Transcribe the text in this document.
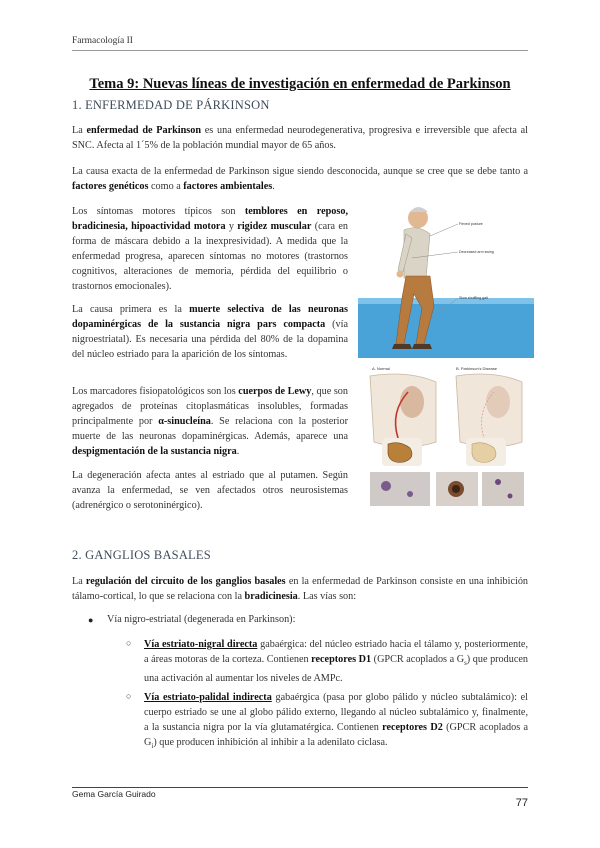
Farmacología II
Tema 9: Nuevas líneas de investigación en enfermedad de Parkinson
1. ENFERMEDAD DE PÁRKINSON
La enfermedad de Parkinson es una enfermedad neurodegenerativa, progresiva e irreversible que afecta al SNC. Afecta al 1´5% de la población mundial mayor de 65 años.
La causa exacta de la enfermedad de Parkinson sigue siendo desconocida, aunque se cree que se debe tanto a factores genéticos como a factores ambientales.
Los síntomas motores típicos son temblores en reposo, bradicinesia, hipoactividad motora y rigidez muscular (cara en forma de máscara debido a la inexpresividad). A medida que la enfermedad progresa, aparecen síntomas no motores (trastornos cognitivos, alteraciones de memoria, pérdida del equilibrio o trastornos emocionales).
La causa primera es la muerte selectiva de las neuronas dopaminérgicas de la sustancia nigra pars compacta (vía nigroestriatal). Es necesaria una pérdida del 80% de la dopamina del núcleo estriado para la aparición de los síntomas.
Los marcadores fisiopatológicos son los cuerpos de Lewy, que son agregados de proteínas citoplasmáticas insolubles, formadas principalmente por α-sinucleína. Se relaciona con la posterior muerte de las neuronas dopaminérgicas. Además, aparece una despigmentación de la sustancia nigra.
La degeneración afecta antes al estriado que al putamen. Según avanza la enfermedad, se ven afectados otros neurosistemas (adrenérgico o serotoninérgico).
Flexed posture
Decreased arm swing
Slow shuffling gait
A. Normal	B. Parkinson's Disease
2. GANGLIOS BASALES
La regulación del circuito de los ganglios basales en la enfermedad de Parkinson consiste en una inhibición tálamo-cortical, lo que se relaciona con la bradicinesia. Las vías son:
● Vía nigro-estriatal (degenerada en Parkinson):
○ Vía estriato-nigral directa gabaérgica: del núcleo estriado hacia el tálamo y, posteriormente, a áreas motoras de la corteza. Contienen receptores D1 (GPCR acoplados a $G_s$) que producen una activación al aumentar los niveles de AMPc.
○ Vía estriato-palidal indirecta gabaérgica (pasa por globo pálido y núcleo subtalámico): el cuerpo estriado se une al globo pálido externo, llegando al núcleo subtalámico y, finalmente, a la sustancia nigra por la vía glutamatérgica. Contienen receptores D2 (GPCR acoplados a $G_i$) que producen inhibición al inhibir a la adenilato ciclasa.
Gema García Guirado
77
